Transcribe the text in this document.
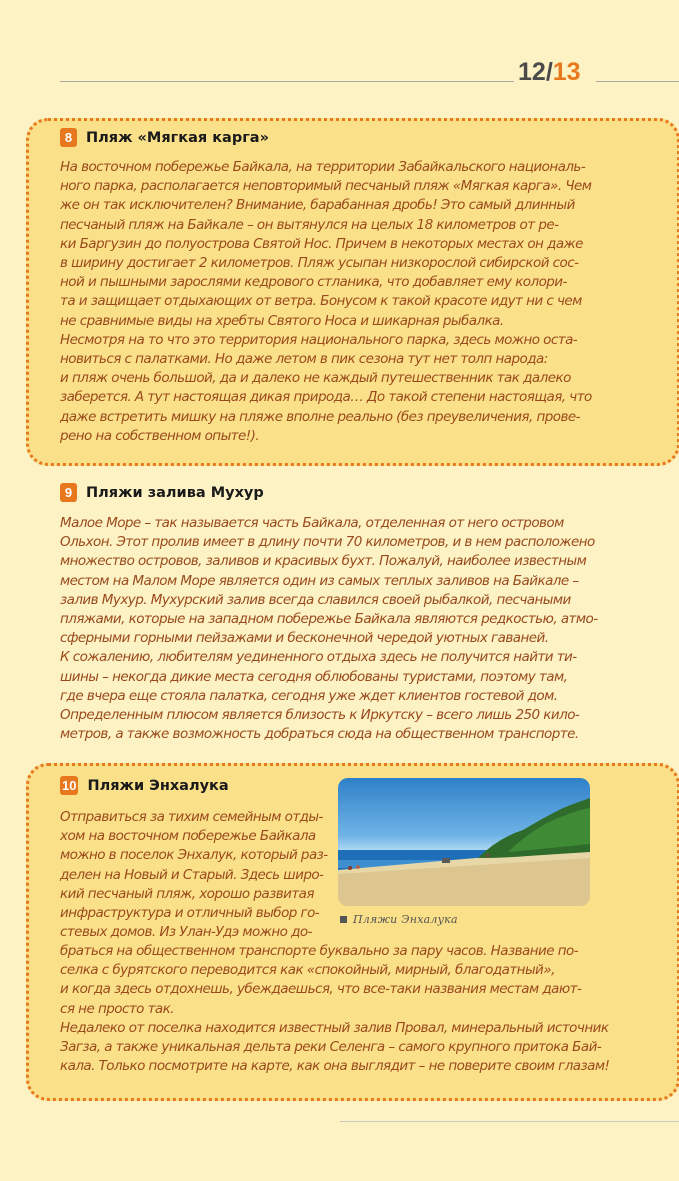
12/13
8 Пляж «Мягкая карга»
На восточном побережье Байкала, на территории Забайкальского националь-
ного парка, располагается неповторимый песчаный пляж «Мягкая карга». Чем
же он так исключителен? Внимание, барабанная дробь! Это самый длинный
песчаный пляж на Байкале – он вытянулся на целых 18 километров от ре-
ки Баргузин до полуострова Святой Нос. Причем в некоторых местах он даже
в ширину достигает 2 километров. Пляж усыпан низкорослой сибирской сос-
ной и пышными зарослями кедрового стланика, что добавляет ему колори-
та и защищает отдыхающих от ветра. Бонусом к такой красоте идут ни с чем
не сравнимые виды на хребты Святого Носа и шикарная рыбалка.
Несмотря на то что это территория национального парка, здесь можно оста-
новиться с палатками. Но даже летом в пик сезона тут нет толп народа:
и пляж очень большой, да и далеко не каждый путешественник так далеко
заберется. А тут настоящая дикая природа… До такой степени настоящая, что
даже встретить мишку на пляже вполне реально (без преувеличения, прове-
рено на собственном опыте!).
9 Пляжи залива Мухур
Малое Море – так называется часть Байкала, отделенная от него островом
Ольхон. Этот пролив имеет в длину почти 70 километров, и в нем расположено
множество островов, заливов и красивых бухт. Пожалуй, наиболее известным
местом на Малом Море является один из самых теплых заливов на Байкале –
залив Мухур. Мухурский залив всегда славился своей рыбалкой, песчаными
пляжами, которые на западном побережье Байкала являются редкостью, атмо-
сферными горными пейзажами и бесконечной чередой уютных гаваней.
К сожалению, любителям уединенного отдыха здесь не получится найти ти-
шины – некогда дикие места сегодня облюбованы туристами, поэтому там,
где вчера еще стояла палатка, сегодня уже ждет клиентов гостевой дом.
Определенным плюсом является близость к Иркутску – всего лишь 250 кило-
метров, а также возможность добраться сюда на общественном транспорте.
10 Пляжи Энхалука
Отправиться за тихим семейным отды-
хом на восточном побережье Байкала
можно в поселок Энхалук, который раз-
делен на Новый и Старый. Здесь широ-
кий песчаный пляж, хорошо развитая
инфраструктура и отличный выбор го-
стевых домов. Из Улан-Удэ можно до-
браться на общественном транспорте буквально за пару часов. Название по-
селка с бурятского переводится как «спокойный, мирный, благодатный»,
и когда здесь отдохнешь, убеждаешься, что все-таки названия местам дают-
ся не просто так.
Недалеко от поселка находится известный залив Провал, минеральный источник
Загза, а также уникальная дельта реки Селенга – самого крупного притока Бай-
кала. Только посмотрите на карте, как она выглядит – не поверите своим глазам!
Пляжи Энхалука
